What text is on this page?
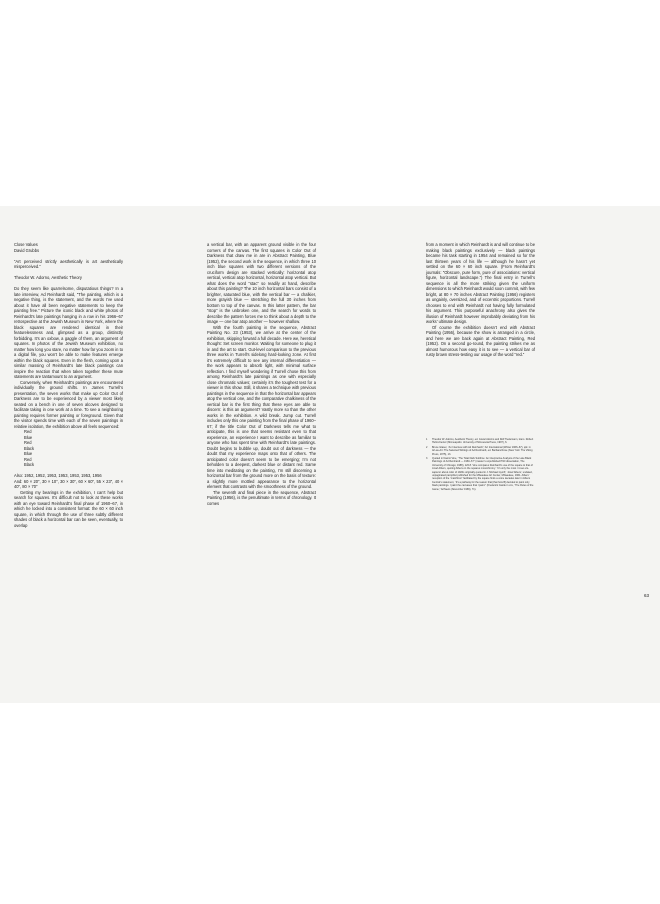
Close Values

David Grubbs

“Art perceived strictly aesthetically is art aesthetically misperceived.”

Theodor W. Adorno, Aesthetic Theory

Do they seem like quarrelsome, disputatious things? In a late interview, Ad Reinhardt said, “The painting, which is a negative thing, is the statement, and the words I’ve used about it have all been negative statements to keep the painting free.” Picture the iconic black and white photos of Reinhardt’s late paintings hanging in a row in his 1966–67 retrospective at the Jewish Museum in New York, where the black squares are rendered identical in their featurelessness and, glimpsed as a group, distinctly forbidding. It’s an oxbow, a gaggle of them, an argument of squares. In photos of the Jewish Museum exhibition, no matter how long you stare, no matter how far you zoom in to a digital file, you won’t be able to make features emerge within the black squares. Even in the flesh, coming upon a similar massing of Reinhardt’s late black paintings can inspire the reaction that when taken together these mute statements are tantamount to an argument.

Conversely, when Reinhardt’s paintings are encountered individually the ground shifts. In James Turrell’s presentation, the seven works that make up Color Out of Darkness are to be experienced by a viewer most likely seated on a bench in one of seven alcoves designed to facilitate taking in one work at a time. To see a neighboring painting requires former painting or foreground. Given that the visitor spends time with each of the seven paintings in relative isolation, the exhibition above all feels sequenced:

Red
Blue
Red
Black
Blue
Red
Black

Also: 1952, 1952, 1953, 1953, 1953, 1953, 1956

And: 60 × 20″, 30 × 10″, 30 × 30″, 60 × 60″, 55 × 23″, 40 × 40″, 80 × 70″

Getting my bearings in the exhibition, I can’t help but search for squares. It’s difficult not to look at these works with an eye toward Reinhardt’s final phase of 1960–67, in which he locked into a consistent format: the 60 × 60 inch square, in which through the use of three subtly different shades of black a horizontal bar can be seen, eventually, to overlap

a vertical bar, with an apparent ground visible in the four corners of the canvas. The first squares in Color Out of Darkness that draw me in are in Abstract Painting, Blue (1952), the second work in the sequence, in which three 10 inch blue squares with two different versions of the cruciform design are stacked vertically: horizontal atop vertical, vertical atop horizontal, horizontal atop vertical. But what does the word “stac” so readily at hand, describe about this painting? The 10 inch horizontal bars consist of a brighter, saturated blue, with the vertical bar — a chalkier, more grayish blue — stretching the full 30 inches from bottom to top of the canvas. In this latter pattern, the bar “stop” is the unbroken one, and the search for words to describe the pattern forces me to think about a depth to the image — one bar atop another — however shallow.

With the fourth painting in the sequence, Abstract Painting No. 23 (1953), we arrive at the center of the exhibition, skipping forward a full decade. Here we, heretical thought: Set screen monitor. Waiting for someone to plug it in and the art to start. Gut-level comparison to the previous three works in Turrell’s sidelong hard-looking zone. At first it’s extremely difficult to see any internal differentiation — the work appears to absorb light, with minimal surface reflection. I find myself wondering if Turrell chose this from among Reinhardt’s late paintings as one with especially close chromatic values; certainly it’s the toughest test for a viewer in this show. Still, it shares a technique with previous paintings in the sequence in that the horizontal bar appears atop the vertical one, and the comparative chalkiness of the vertical bar is the first thing that these eyes are able to discern: is this an argument? Vastly more so than the other works in the exhibition. A wild break. Jump cut. Turrell includes only this one painting from the final phase of 1960–67; if the title Color Out of Darkness tells me what to anticipate, this is one that seems resistant even to that experience, an experience I want to describe as familiar to anyone who has spent time with Reinhardt’s late paintings. Doubt begins to bubble up, doubt out of darkness — the doubt that my experience maps onto that of others. The anticipated color doesn’t seem to be emerging; I’m not beholden to a deepest, darkest blue or distant red. Same time into meditating on the painting, I’m still discerning a horizontal bar from the ground more on the basis of texture: a slightly more mottled appearance to the horizontal element that contrasts with the smoothness of the ground.

The seventh and final piece in the sequence, Abstract Painting (1956), is the penultimate in terms of chronology. It comes

from a moment in which Reinhardt is and will continue to be making black paintings exclusively — black paintings became his task starting in 1954 and remained so for the last thirteen years of his life — although he hasn’t yet settled on the 60 × 60 inch square. (From Reinhardt’s journals: “Obscure, pure form, pure of associations: vertical figure, horizontal landscape.”) The final entry in Turrell’s sequence is all the more striking given the uniform dimensions to which Reinhardt would soon commit, with few bright, at 80 × 70 inches Abstract Painting (1956) registers as ungainly, oversized, and of eccentric proportions. Turrell chooses to end with Reinhardt not having fully formulated his argument. This purposeful anachrony also gives the illusion of Reinhardt however improbably deviating from his works’ ultimate design.

Of course the exhibition doesn’t end with Abstract Painting (1956), because the show is arranged in a circle, and here we are back again at Abstract Painting, Red (1952). On a second go-round, the painting strikes me as almost humorous how easy it is to see — a vertical bar of rusty brown stress-testing our usage of the word “red.”

1	Theodor W. Adorno, Aesthetic Theory, ed. Gretel Adorno and Rolf Tiedemann, trans. Robert Hullot-Kentor (Minneapolis: University of Minnesota Press, 1997), 6.
2	Bruce Glaser, “An Interview with Ad Reinhardt,” Art International (Winter 1966–67), qtd. in Art-as-Art: The Selected Writings of Ad Reinhardt, ed. Barbara Rose (New York: The Viking Press, 1975), 13.
3	Quoted in Naomi Vine, “The Total Dark Sublime: An Interpretive Analysis of the Late Black Paintings of Ad Reinhardt — 1960–67” (master’s unpublished PhD dissertation, The University of Chicago, 1988), 120.8. Vine compares Reinhardt’s use of the square to that of Josef Albers, quoting Albers on the squares monochromy: “It’s only the most ‘n’ever-vis-sapiens’ about color of 1920s originally quoted in J. Michael Gyorff, ‘Josef Albers,’ undated, unpaginated pamphlet published for the Milwaukee Art Center, Milwaukee, 1961. Albers’ reception of the “matchbox” facilitated by the square finds a voice decades later in Albers Central’s statement, “It’s a pathway for the reason that [that how B] decided to paint only black paintings. I paint the canvases that I paint.” (Frederick Castle in xxx, “The Rules of the Game,” ArtNews (November 1966), 71).
63
